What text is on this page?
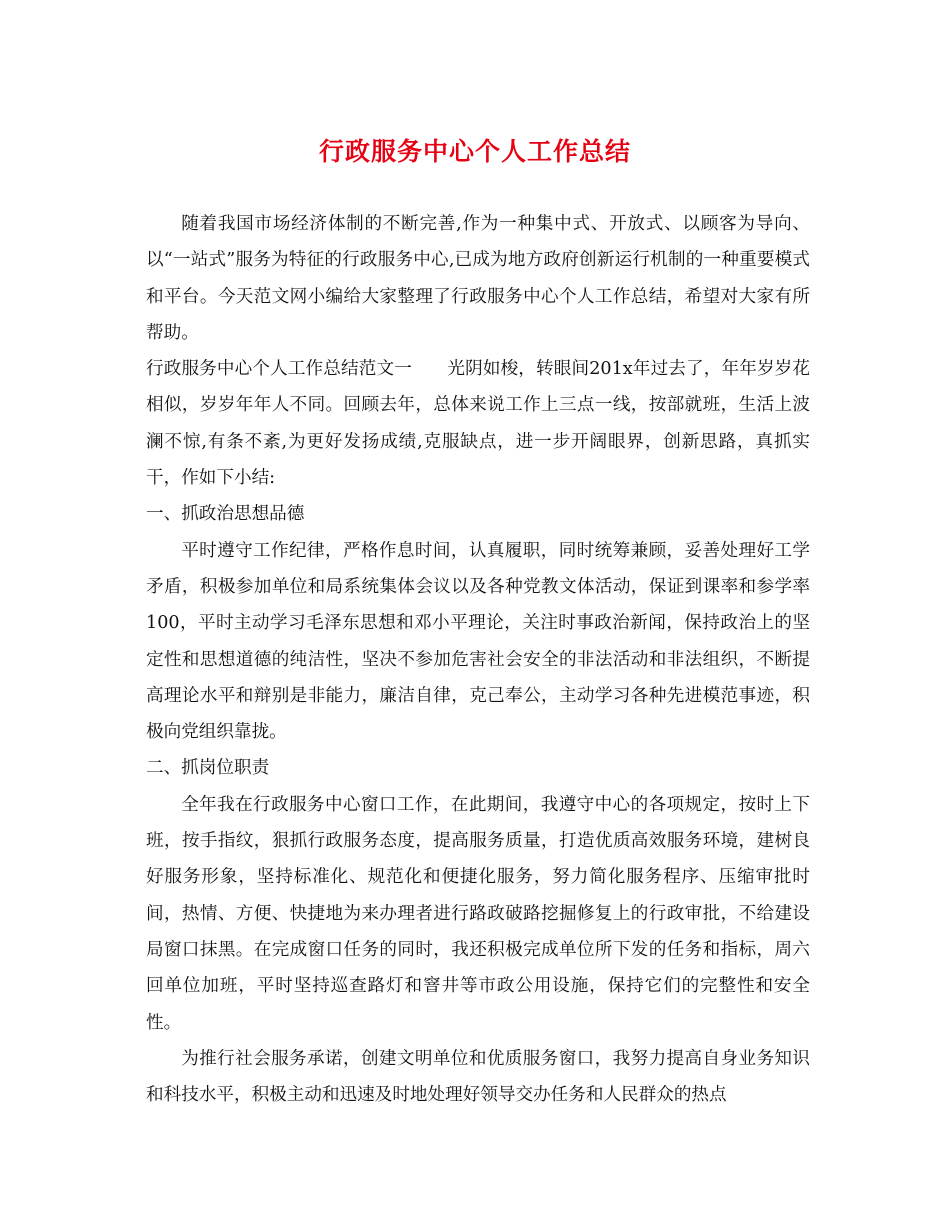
行政服务中心个人工作总结

随着我国市场经济体制的不断完善,作为一种集中式、开放式、以顾客为导向、以“一站式”服务为特征的行政服务中心,已成为地方政府创新运行机制的一种重要模式和平台。今天范文网小编给大家整理了行政服务中心个人工作总结，希望对大家有所帮助。

行政服务中心个人工作总结范文一　　光阴如梭，转眼间201x年过去了，年年岁岁花相似，岁岁年年人不同。回顾去年，总体来说工作上三点一线，按部就班，生活上波澜不惊,有条不紊,为更好发扬成绩,克服缺点，进一步开阔眼界，创新思路，真抓实干，作如下小结:

一、抓政治思想品德

平时遵守工作纪律，严格作息时间，认真履职，同时统筹兼顾，妥善处理好工学矛盾，积极参加单位和局系统集体会议以及各种党教文体活动，保证到课率和参学率100，平时主动学习毛泽东思想和邓小平理论，关注时事政治新闻，保持政治上的坚定性和思想道德的纯洁性，坚决不参加危害社会安全的非法活动和非法组织，不断提高理论水平和辩别是非能力，廉洁自律，克己奉公，主动学习各种先进模范事迹，积极向党组织靠拢。

二、抓岗位职责

全年我在行政服务中心窗口工作，在此期间，我遵守中心的各项规定，按时上下班，按手指纹，狠抓行政服务态度，提高服务质量，打造优质高效服务环境，建树良好服务形象，坚持标准化、规范化和便捷化服务，努力简化服务程序、压缩审批时间，热情、方便、快捷地为来办理者进行路政破路挖掘修复上的行政审批，不给建设局窗口抹黑。在完成窗口任务的同时，我还积极完成单位所下发的任务和指标，周六回单位加班，平时坚持巡查路灯和窨井等市政公用设施，保持它们的完整性和安全性。

为推行社会服务承诺，创建文明单位和优质服务窗口，我努力提高自身业务知识和科技水平，积极主动和迅速及时地处理好领导交办任务和人民群众的热点
